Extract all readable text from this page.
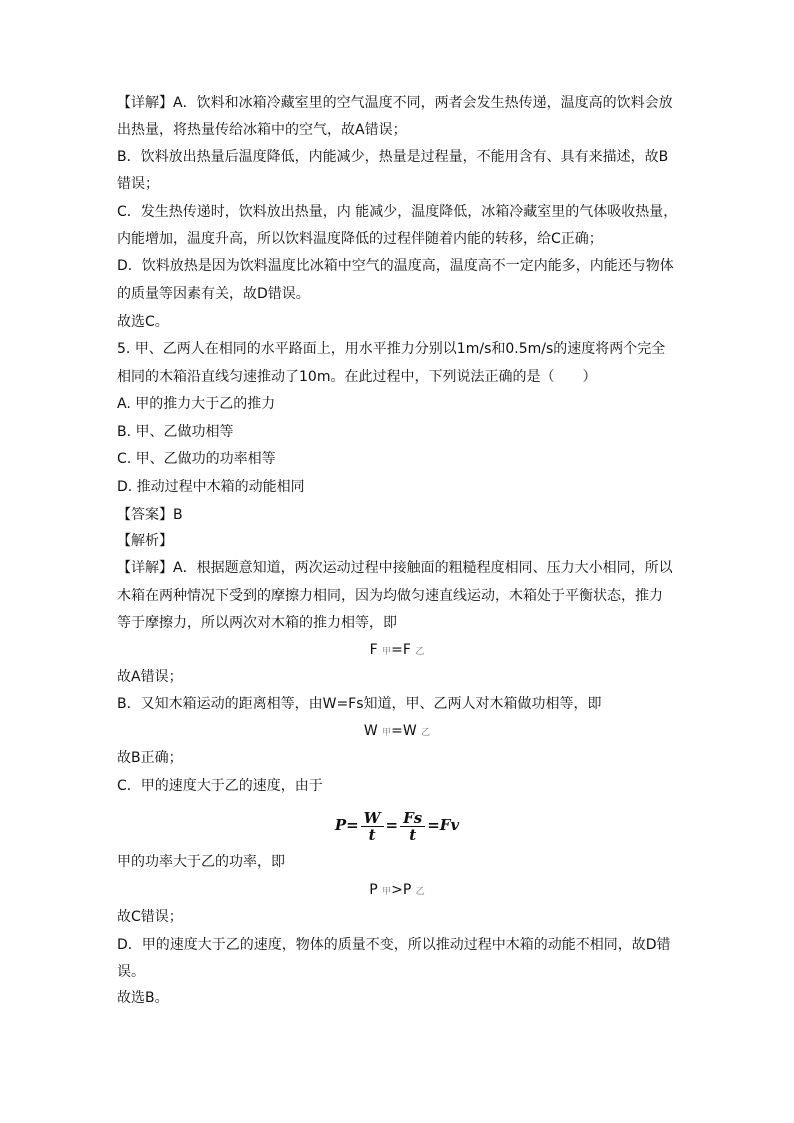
【详解】A．饮料和冰箱冷藏室里的空气温度不同，两者会发生热传递，温度高的饮料会放
出热量，将热量传给冰箱中的空气，故A错误；
B．饮料放出热量后温度降低，内能减少，热量是过程量，不能用含有、具有来描述，故B
错误；
C．发生热传递时，饮料放出热量，内 能减少，温度降低，冰箱冷藏室里的气体吸收热量，
内能增加，温度升高，所以饮料温度降低的过程伴随着内能的转移，给C正确；
D．饮料放热是因为饮料温度比冰箱中空气的温度高，温度高不一定内能多，内能还与物体
的质量等因素有关，故D错误。
故选C。
5. 甲、乙两人在相同的水平路面上，用水平推力分别以1m/s和0.5m/s的速度将两个完全
相同的木箱沿直线匀速推动了10m。在此过程中，下列说法正确的是（　　）
A. 甲的推力大于乙的推力
B. 甲、乙做功相等
C. 甲、乙做功的功率相等
D. 推动过程中木箱的动能相同
【答案】B
【解析】
【详解】A．根据题意知道，两次运动过程中接触面的粗糙程度相同、压力大小相同，所以
木箱在两种情况下受到的摩擦力相同，因为均做匀速直线运动，木箱处于平衡状态，推力
等于摩擦力，所以两次对木箱的推力相等，即
F 甲=F 乙
故A错误；
B．又知木箱运动的距离相等，由W=Fs知道，甲、乙两人对木箱做功相等，即
W 甲=W 乙
故B正确；
C．甲的速度大于乙的速度，由于
$P= \frac{W}{t} = \frac{Fs}{t} =Fv$
甲的功率大于乙的功率，即
P 甲>P 乙
故C错误；
D．甲的速度大于乙的速度，物体的质量不变，所以推动过程中木箱的动能不相同，故D错
误。
故选B。
